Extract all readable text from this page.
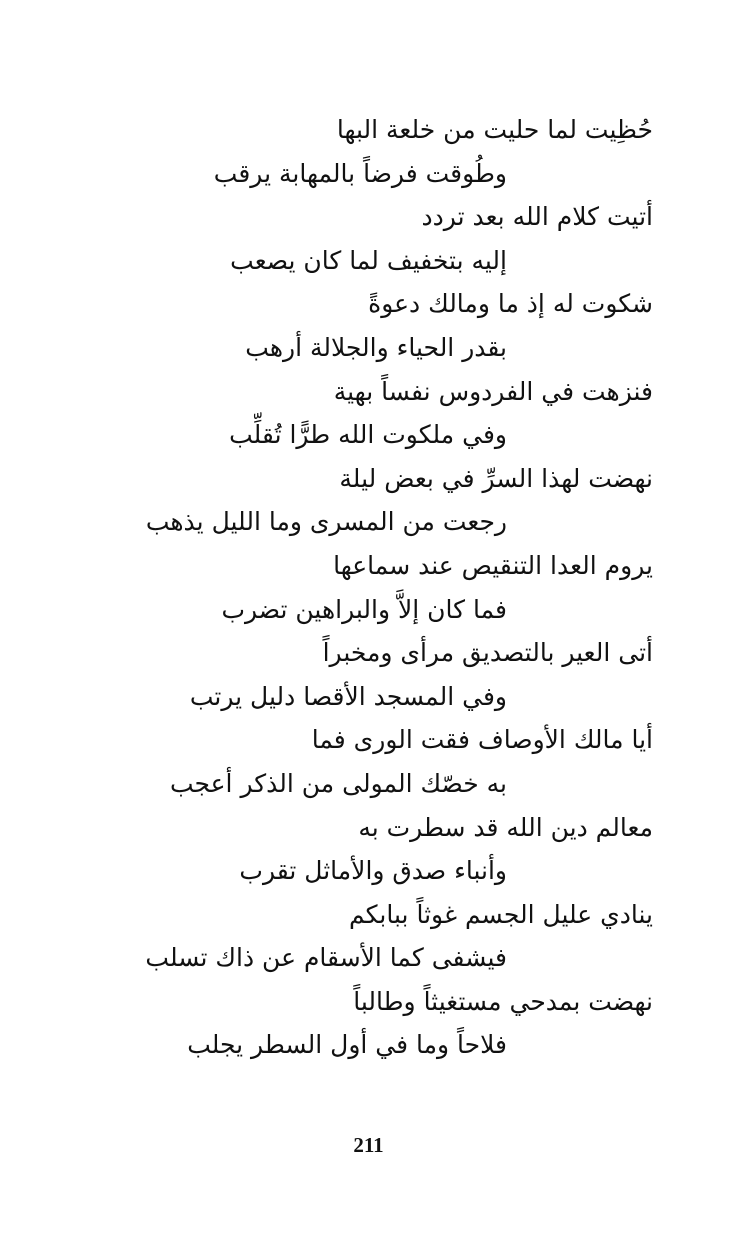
حُظِيت لما حليت من خلعة البها
وطُوقت فرضاً بالمهابة يرقب
أتيت كلام الله بعد تردد
إليه بتخفيف لما كان يصعب
شكوت له إذ ما ومالك دعوةً
بقدر الحياء والجلالة أرهب
فنزهت في الفردوس نفساً بهية
وفي ملكوت الله طرًّا تُقلِّب
نهضت لهذا السرِّ في بعض ليلة
رجعت من المسرى وما الليل يذهب
يروم العدا التنقيص عند سماعها
فما كان إلاَّ والبراهين تضرب
أتى العير بالتصديق مرأى ومخبراً
وفي المسجد الأقصا دليل يرتب
أيا مالك الأوصاف فقت الورى فما
به خصّك المولى من الذكر أعجب
معالم دين الله قد سطرت به
وأنباء صدق والأماثل تقرب
ينادي عليل الجسم غوثاً ببابكم
فيشفى كما الأسقام عن ذاك تسلب
نهضت بمدحي مستغيثاً وطالباً
فلاحاً وما في أول السطر يجلب
211
